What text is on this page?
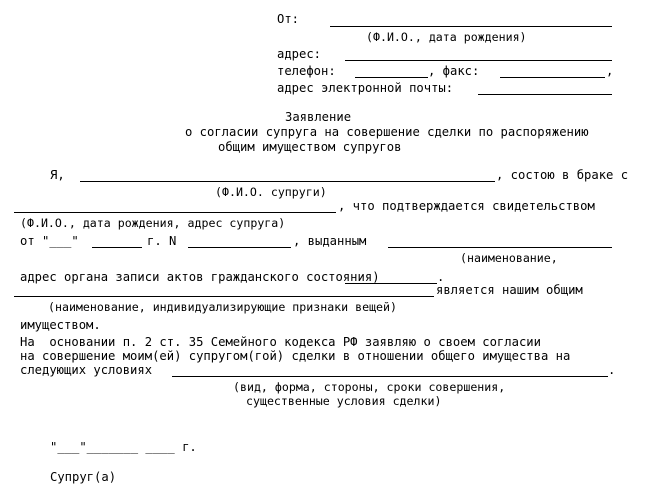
От:
(Ф.И.О., дата рождения)
адрес:
телефон:	, факс:	,
адрес электронной почты:
Заявление
о согласии супруга на совершение сделки по распоряжению
общим имуществом супругов
Я,	, состою в браке с
(Ф.И.О. супруги)
, что подтверждается свидетельством
(Ф.И.О., дата рождения, адрес супруга)
от "___"	г. N	, выданным
(наименование,
адрес органа записи актов гражданского состояния)	.
является нашим общим
(наименование, индивидуализирующие признаки вещей)
имуществом.
На  основании п. 2 ст. 35 Семейного кодекса РФ заявляю о своем согласии
на совершение моим(ей) супругом(гой) сделки в отношении общего имущества на
следующих условиях	.
(вид, форма, стороны, сроки совершения,
существенные условия сделки)
"___"_______ ____ г.
Супруг(а)
